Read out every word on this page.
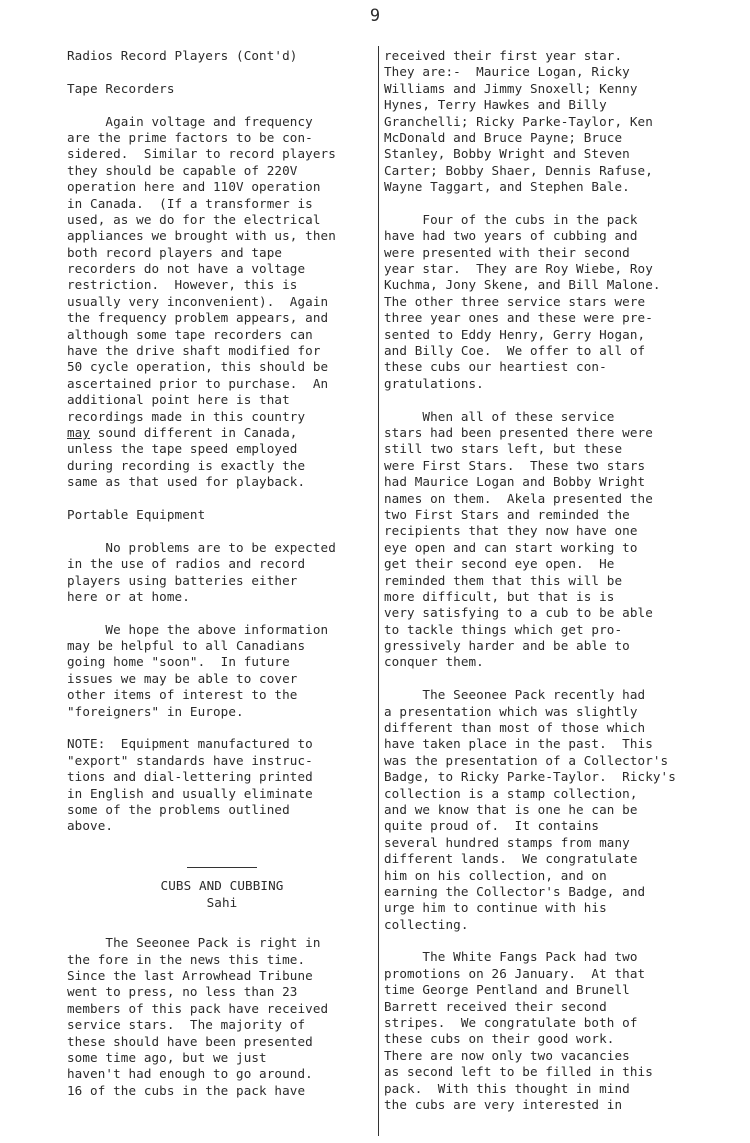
9
Radios Record Players (Cont'd)
Tape Recorders
Again voltage and frequency
are the prime factors to be con-
sidered.  Similar to record players
they should be capable of 220V
operation here and 110V operation
in Canada.  (If a transformer is
used, as we do for the electrical
appliances we brought with us, then
both record players and tape
recorders do not have a voltage
restriction.  However, this is
usually very inconvenient).  Again
the frequency problem appears, and
although some tape recorders can
have the drive shaft modified for
50 cycle operation, this should be
ascertained prior to purchase.  An
additional point here is that
recordings made in this country
may sound different in Canada,
unless the tape speed employed
during recording is exactly the
same as that used for playback.
Portable Equipment
No problems are to be expected
in the use of radios and record
players using batteries either
here or at home.
We hope the above information
may be helpful to all Canadians
going home "soon".  In future
issues we may be able to cover
other items of interest to the
"foreigners" in Europe.
NOTE:  Equipment manufactured to
"export" standards have instruc-
tions and dial-lettering printed
in English and usually eliminate
some of the problems outlined
above.
CUBS AND CUBBING
Sahi
The Seeonee Pack is right in
the fore in the news this time.
Since the last Arrowhead Tribune
went to press, no less than 23
members of this pack have received
service stars.  The majority of
these should have been presented
some time ago, but we just
haven't had enough to go around.
16 of the cubs in the pack have
received their first year star.
They are:-  Maurice Logan, Ricky
Williams and Jimmy Snoxell; Kenny
Hynes, Terry Hawkes and Billy
Granchelli; Ricky Parke-Taylor, Ken
McDonald and Bruce Payne; Bruce
Stanley, Bobby Wright and Steven
Carter; Bobby Shaer, Dennis Rafuse,
Wayne Taggart, and Stephen Bale.
Four of the cubs in the pack
have had two years of cubbing and
were presented with their second
year star.  They are Roy Wiebe, Roy
Kuchma, Jony Skene, and Bill Malone.
The other three service stars were
three year ones and these were pre-
sented to Eddy Henry, Gerry Hogan,
and Billy Coe.  We offer to all of
these cubs our heartiest con-
gratulations.
When all of these service
stars had been presented there were
still two stars left, but these
were First Stars.  These two stars
had Maurice Logan and Bobby Wright
names on them.  Akela presented the
two First Stars and reminded the
recipients that they now have one
eye open and can start working to
get their second eye open.  He
reminded them that this will be
more difficult, but that is is
very satisfying to a cub to be able
to tackle things which get pro-
gressively harder and be able to
conquer them.
The Seeonee Pack recently had
a presentation which was slightly
different than most of those which
have taken place in the past.  This
was the presentation of a Collector's
Badge, to Ricky Parke-Taylor.  Ricky's
collection is a stamp collection,
and we know that is one he can be
quite proud of.  It contains
several hundred stamps from many
different lands.  We congratulate
him on his collection, and on
earning the Collector's Badge, and
urge him to continue with his
collecting.
The White Fangs Pack had two
promotions on 26 January.  At that
time George Pentland and Brunell
Barrett received their second
stripes.  We congratulate both of
these cubs on their good work.
There are now only two vacancies
as second left to be filled in this
pack.  With this thought in mind
the cubs are very interested in
